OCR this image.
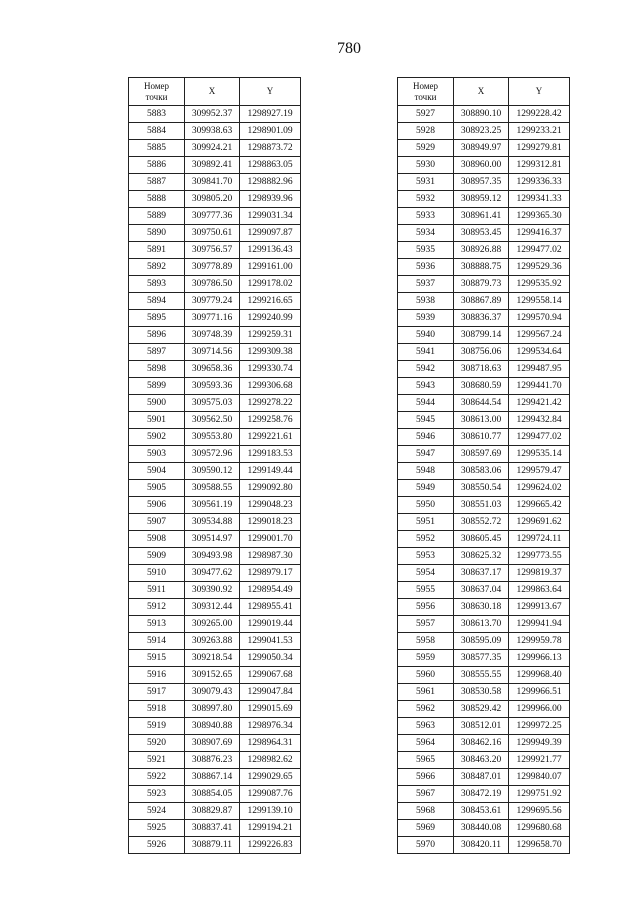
780
Номер
точки	X	Y
5883	309952.37	1298927.19
5884	309938.63	1298901.09
5885	309924.21	1298873.72
5886	309892.41	1298863.05
5887	309841.70	1298882.96
5888	309805.20	1298939.96
5889	309777.36	1299031.34
5890	309750.61	1299097.87
5891	309756.57	1299136.43
5892	309778.89	1299161.00
5893	309786.50	1299178.02
5894	309779.24	1299216.65
5895	309771.16	1299240.99
5896	309748.39	1299259.31
5897	309714.56	1299309.38
5898	309658.36	1299330.74
5899	309593.36	1299306.68
5900	309575.03	1299278.22
5901	309562.50	1299258.76
5902	309553.80	1299221.61
5903	309572.96	1299183.53
5904	309590.12	1299149.44
5905	309588.55	1299092.80
5906	309561.19	1299048.23
5907	309534.88	1299018.23
5908	309514.97	1299001.70
5909	309493.98	1298987.30
5910	309477.62	1298979.17
5911	309390.92	1298954.49
5912	309312.44	1298955.41
5913	309265.00	1299019.44
5914	309263.88	1299041.53
5915	309218.54	1299050.34
5916	309152.65	1299067.68
5917	309079.43	1299047.84
5918	308997.80	1299015.69
5919	308940.88	1298976.34
5920	308907.69	1298964.31
5921	308876.23	1298982.62
5922	308867.14	1299029.65
5923	308854.05	1299087.76
5924	308829.87	1299139.10
5925	308837.41	1299194.21
5926	308879.11	1299226.83
Номер
точки	X	Y
5927	308890.10	1299228.42
5928	308923.25	1299233.21
5929	308949.97	1299279.81
5930	308960.00	1299312.81
5931	308957.35	1299336.33
5932	308959.12	1299341.33
5933	308961.41	1299365.30
5934	308953.45	1299416.37
5935	308926.88	1299477.02
5936	308888.75	1299529.36
5937	308879.73	1299535.92
5938	308867.89	1299558.14
5939	308836.37	1299570.94
5940	308799.14	1299567.24
5941	308756.06	1299534.64
5942	308718.63	1299487.95
5943	308680.59	1299441.70
5944	308644.54	1299421.42
5945	308613.00	1299432.84
5946	308610.77	1299477.02
5947	308597.69	1299535.14
5948	308583.06	1299579.47
5949	308550.54	1299624.02
5950	308551.03	1299665.42
5951	308552.72	1299691.62
5952	308605.45	1299724.11
5953	308625.32	1299773.55
5954	308637.17	1299819.37
5955	308637.04	1299863.64
5956	308630.18	1299913.67
5957	308613.70	1299941.94
5958	308595.09	1299959.78
5959	308577.35	1299966.13
5960	308555.55	1299968.40
5961	308530.58	1299966.51
5962	308529.42	1299966.00
5963	308512.01	1299972.25
5964	308462.16	1299949.39
5965	308463.20	1299921.77
5966	308487.01	1299840.07
5967	308472.19	1299751.92
5968	308453.61	1299695.56
5969	308440.08	1299680.68
5970	308420.11	1299658.70
